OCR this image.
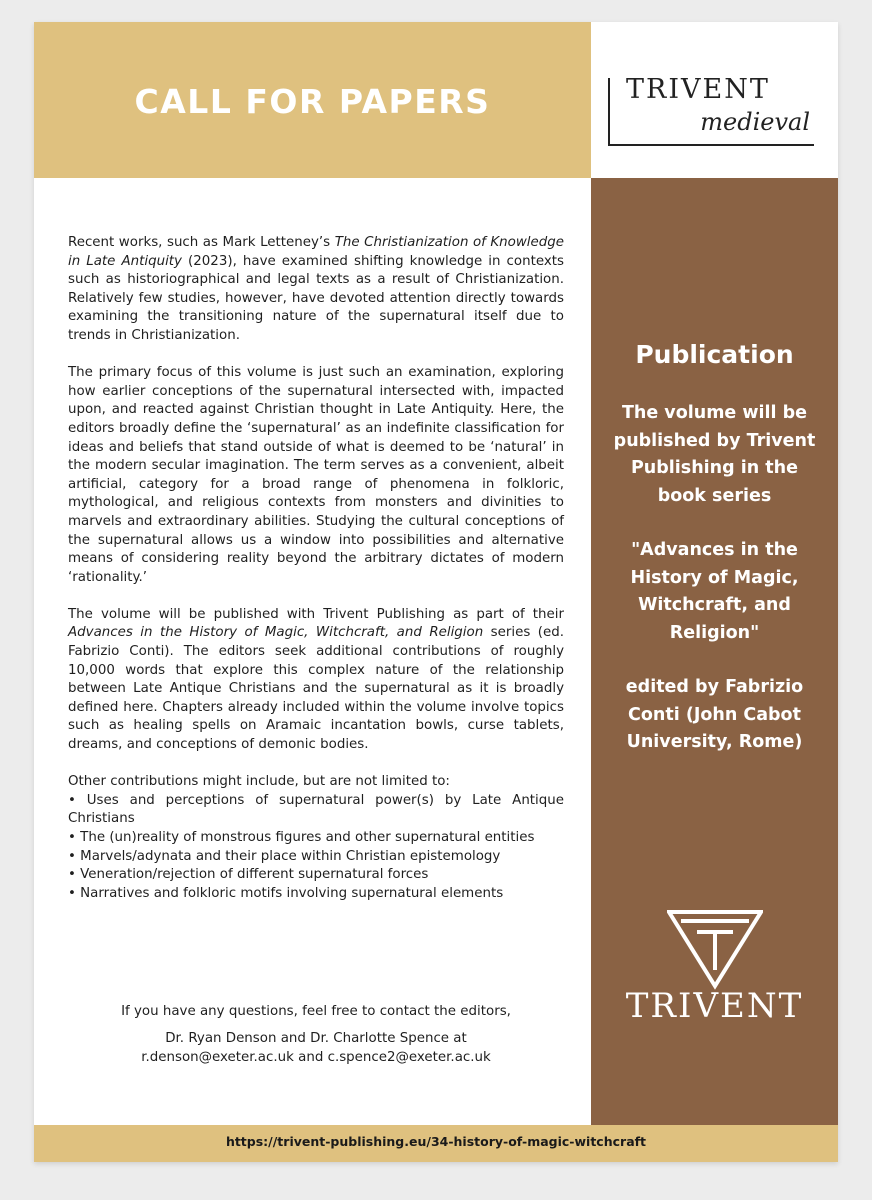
CALL FOR PAPERS	TRIVENT
medieval

Recent works, such as Mark Letteney’s The Christianization of Knowledge in Late Antiquity (2023), have examined shifting knowledge in contexts such as historiographical and legal texts as a result of Christianization. Relatively few studies, however, have devoted attention directly towards examining the transitioning nature of the supernatural itself due to trends in Christianization.

The primary focus of this volume is just such an examination, exploring how earlier conceptions of the supernatural intersected with, impacted upon, and reacted against Christian thought in Late Antiquity. Here, the editors broadly define the ‘supernatural’ as an indefinite classification for ideas and beliefs that stand outside of what is deemed to be ‘natural’ in the modern secular imagination. The term serves as a convenient, albeit artificial, category for a broad range of phenomena in folkloric, mythological, and religious contexts from monsters and divinities to marvels and extraordinary abilities. Studying the cultural conceptions of the supernatural allows us a window into possibilities and alternative means of considering reality beyond the arbitrary dictates of modern ‘rationality.’

The volume will be published with Trivent Publishing as part of their Advances in the History of Magic, Witchcraft, and Religion series (ed. Fabrizio Conti). The editors seek additional contributions of roughly 10,000 words that explore this complex nature of the relationship between Late Antique Christians and the supernatural as it is broadly defined here. Chapters already included within the volume involve topics such as healing spells on Aramaic incantation bowls, curse tablets, dreams, and conceptions of demonic bodies.

Other contributions might include, but are not limited to:

• Uses and perceptions of supernatural power(s) by Late Antique Christians
• The (un)reality of monstrous figures and other supernatural entities
• Marvels/adynata and their place within Christian epistemology
• Veneration/rejection of different supernatural forces
• Narratives and folkloric motifs involving supernatural elements

If you have any questions, feel free to contact the editors,

Dr. Ryan Denson and Dr. Charlotte Spence at

r.denson@exeter.ac.uk and c.spence2@exeter.ac.uk

Publication

The volume will be published by Trivent Publishing in the book series

"Advances in the History of Magic, Witchcraft, and Religion"

edited by Fabrizio Conti (John Cabot University, Rome)

TRIVENT
https://trivent-publishing.eu/34-history-of-magic-witchcraft
